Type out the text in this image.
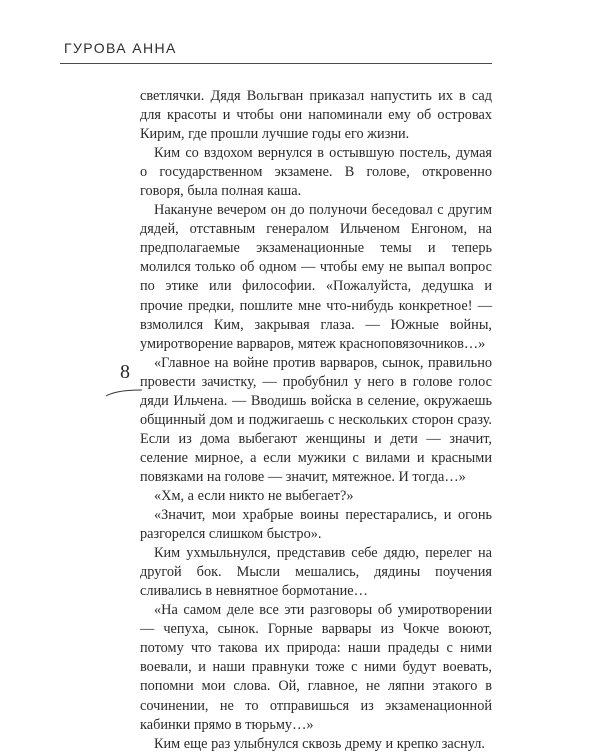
ГУРОВА АННА
8

светлячки. Дядя Вольгван приказал напустить их в сад для красоты и чтобы они напоминали ему об островах Кирим, где прошли лучшие годы его жизни.

Ким со вздохом вернулся в остывшую постель, думая о государственном экзамене. В голове, откровенно говоря, была полная каша.

Накануне вечером он до полуночи беседовал с другим дядей, отставным генералом Ильченом Енгоном, на предполагаемые экзаменационные темы и теперь молился только об одном — чтобы ему не выпал вопрос по этике или философии. «Пожалуйста, дедушка и прочие предки, пошлите мне что-нибудь конкретное! — взмолился Ким, закрывая глаза. — Южные войны, умиротворение варваров, мятеж красноповязочников…»

«Главное на войне против варваров, сынок, правильно провести зачистку, — пробубнил у него в голове голос дяди Ильчена. — Вводишь войска в селение, окружаешь общинный дом и поджигаешь с нескольких сторон сразу. Если из дома выбегают женщины и дети — значит, селение мирное, а если мужики с вилами и красными повязками на голове — значит, мятежное. И тогда…»

«Хм, а если никто не выбегает?»

«Значит, мои храбрые воины перестарались, и огонь разгорелся слишком быстро».

Ким ухмыльнулся, представив себе дядю, перелег на другой бок. Мысли мешались, дядины поучения сливались в невнятное бормотание…

«На самом деле все эти разговоры об умиротворении — чепуха, сынок. Горные варвары из Чокче воюют, потому что такова их природа: наши прадеды с ними воевали, и наши правнуки тоже с ними будут воевать, попомни мои слова. Ой, главное, не ляпни этакого в сочинении, не то отправишься из экзаменационной кабинки прямо в тюрьму…»

Ким еще раз улыбнулся сквозь дрему и крепко заснул.
